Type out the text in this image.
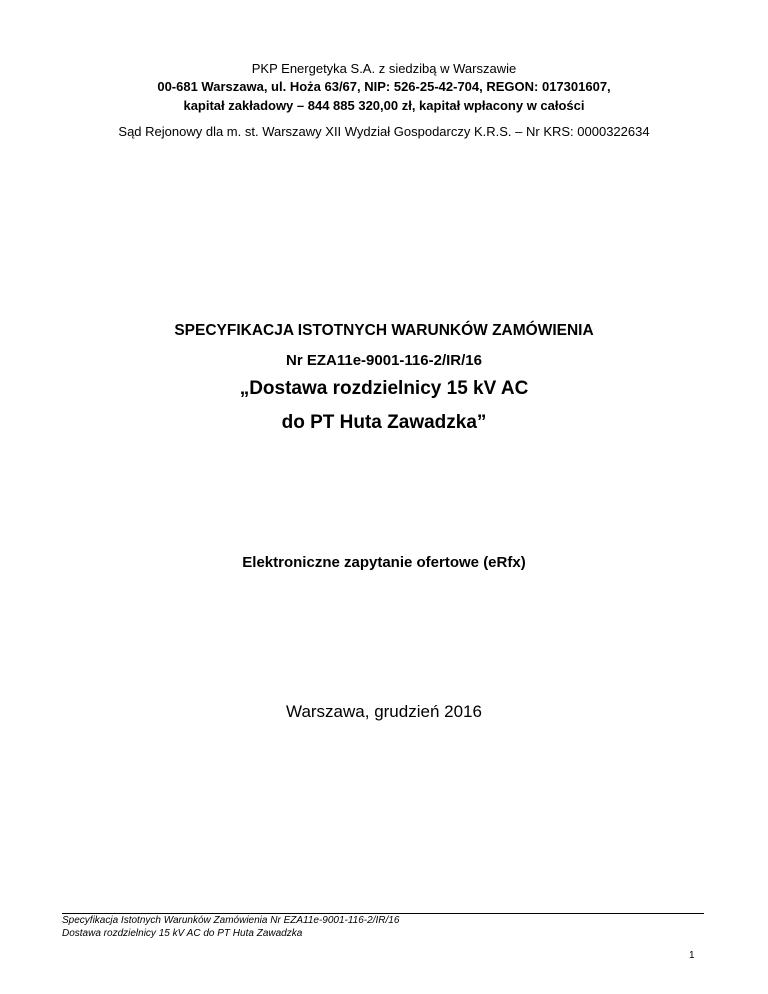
PKP Energetyka S.A. z siedzibą w Warszawie
00-681 Warszawa, ul. Hoża 63/67, NIP: 526-25-42-704, REGON: 017301607,
kapitał zakładowy – 844 885 320,00 zł, kapitał wpłacony w całości
Sąd Rejonowy dla m. st. Warszawy XII Wydział Gospodarczy K.R.S. – Nr KRS: 0000322634
SPECYFIKACJA ISTOTNYCH WARUNKÓW ZAMÓWIENIA
Nr EZA11e-9001-116-2/IR/16
„Dostawa rozdzielnicy 15 kV AC
do PT Huta Zawadzka”
Elektroniczne zapytanie ofertowe (eRfx)
Warszawa, grudzień 2016
Specyfikacja Istotnych Warunków Zamówienia Nr EZA11e-9001-116-2/IR/16
Dostawa rozdzielnicy 15 kV AC do PT Huta Zawadzka
1
